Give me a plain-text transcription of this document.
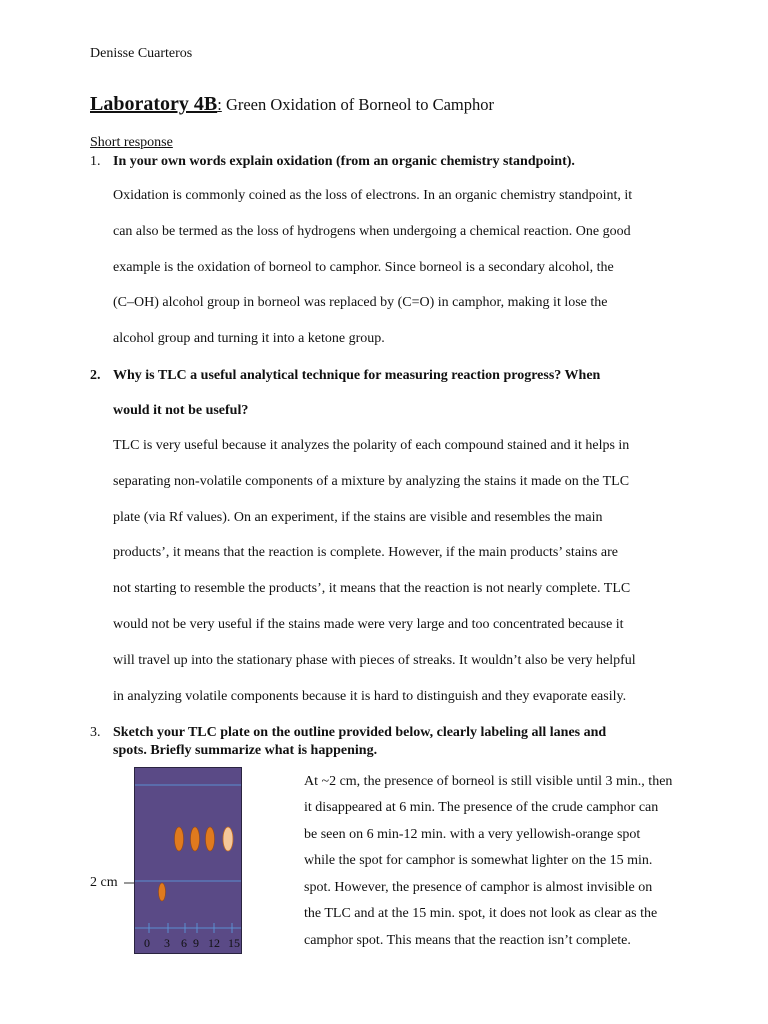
Denisse Cuarteros
Laboratory 4B: Green Oxidation of Borneol to Camphor
Short response
1. In your own words explain oxidation (from an organic chemistry standpoint).
Oxidation is commonly coined as the loss of electrons. In an organic chemistry standpoint, it
can also be termed as the loss of hydrogens when undergoing a chemical reaction. One good
example is the oxidation of borneol to camphor. Since borneol is a secondary alcohol, the
(C–OH) alcohol group in borneol was replaced by (C=O) in camphor, making it lose the
alcohol group and turning it into a ketone group.
2. Why is TLC a useful analytical technique for measuring reaction progress? When
would it not be useful?
TLC is very useful because it analyzes the polarity of each compound stained and it helps in
separating non-volatile components of a mixture by analyzing the stains it made on the TLC
plate (via Rf values). On an experiment, if the stains are visible and resembles the main
products’, it means that the reaction is complete. However, if the main products’ stains are
not starting to resemble the products’, it means that the reaction is not nearly complete. TLC
would not be very useful if the stains made were very large and too concentrated because it
will travel up into the stationary phase with pieces of streaks. It wouldn’t also be very helpful
in analyzing volatile components because it is hard to distinguish and they evaporate easily.
3. Sketch your TLC plate on the outline provided below, clearly labeling all lanes and
spots. Briefly summarize what is happening.
2 cm
0 3 6 9 12 15
At ~2 cm, the presence of borneol is still visible until 3 min., then
it disappeared at 6 min. The presence of the crude camphor can
be seen on 6 min-12 min. with a very yellowish-orange spot
while the spot for camphor is somewhat lighter on the 15 min.
spot. However, the presence of camphor is almost invisible on
the TLC and at the 15 min. spot, it does not look as clear as the
camphor spot. This means that the reaction isn’t complete.
